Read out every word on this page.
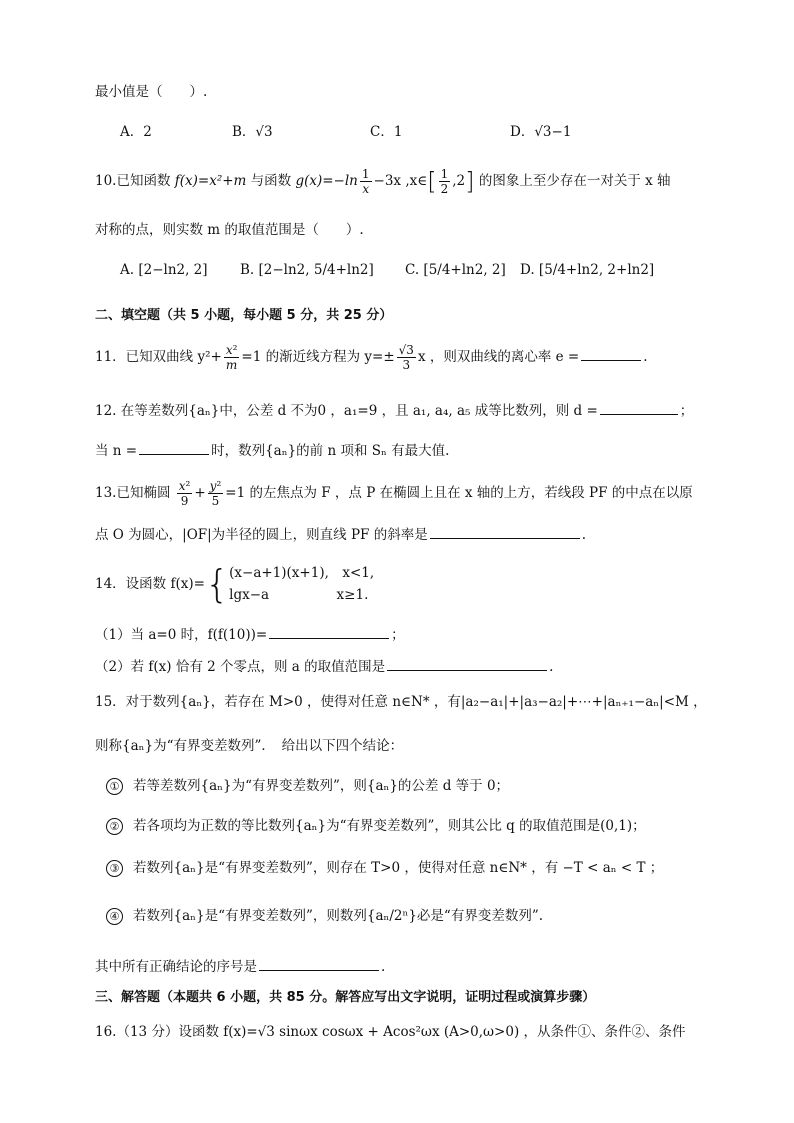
最小值是（　　）.
A．2	B．√3	C．1	D．√3−1
10.已知函数 f(x)=x²+m 与函数 $g(x)=-\ln \frac{1}{x} -3x$ ,x∈[ $\frac{1}{2} ,2$] 的图象上至少存在一对关于 x 轴
对称的点，则实数 m 的取值范围是（　　）.
A. [2−ln2, 2] B. [2−ln2, 5/4+ln2] C. [5/4+ln2, 2] D. [5/4+ln2, 2+ln2]
二、填空题（共 5 小题，每小题 5 分，共 25 分）
11．已知双曲线 $y^2+ \frac{\text{x²}}{m} =1$ 的渐近线方程为 $y=\pm \frac{√3}{3}$ x ，则双曲线的离心率 e =	.
12. 在等差数列{aₙ}中，公差 d 不为0 ，a₁=9 ，且 a₁, a₄, a₅ 成等比数列，则 d =	；
当 n =	时，数列{aₙ}的前 n 项和 Sₙ 有最大值.
13.已知椭圆 $\frac{\text{x²}}{9} + \frac{\text{y²}}{5} =1$ 的左焦点为 F ，点 P 在椭圆上且在 x 轴的上方，若线段 PF 的中点在以原
点 O 为圆心，|OF|为半径的圆上，则直线 PF 的斜率是	.
14．设函数 f(x)={ (x−a+1)(x+1),　x<1,
lgx−a　　　　　x≥1.
（1）当 a=0 时，f(f(10))=	；
（2）若 f(x) 恰有 2 个零点，则 a 的取值范围是	.
15．对于数列{aₙ}，若存在 M>0 ，使得对任意 n∈N* ，有|a₂−a₁|+|a₃−a₂|+⋯+|aₙ₊₁−aₙ|<M ，
则称{aₙ}为“有界变差数列”．　给出以下四个结论：
① 若等差数列{aₙ}为“有界变差数列”，则{aₙ}的公差 d 等于 0；
② 若各项均为正数的等比数列{aₙ}为“有界变差数列”，则其公比 q 的取值范围是(0,1)；
③ 若数列{aₙ}是“有界变差数列”，则存在 T>0 ，使得对任意 n∈N* ，有 −T < aₙ < T ；
④ 若数列{aₙ}是“有界变差数列”，则数列{aₙ/2ⁿ}必是“有界变差数列”.
其中所有正确结论的序号是	.
三、解答题（本题共 6 小题，共 85 分。解答应写出文字说明，证明过程或演算步骤）
16.（13 分）设函数 f(x)=√3 sinωx cosωx + Acos²ωx (A>0,ω>0) ，从条件①、条件②、条件
